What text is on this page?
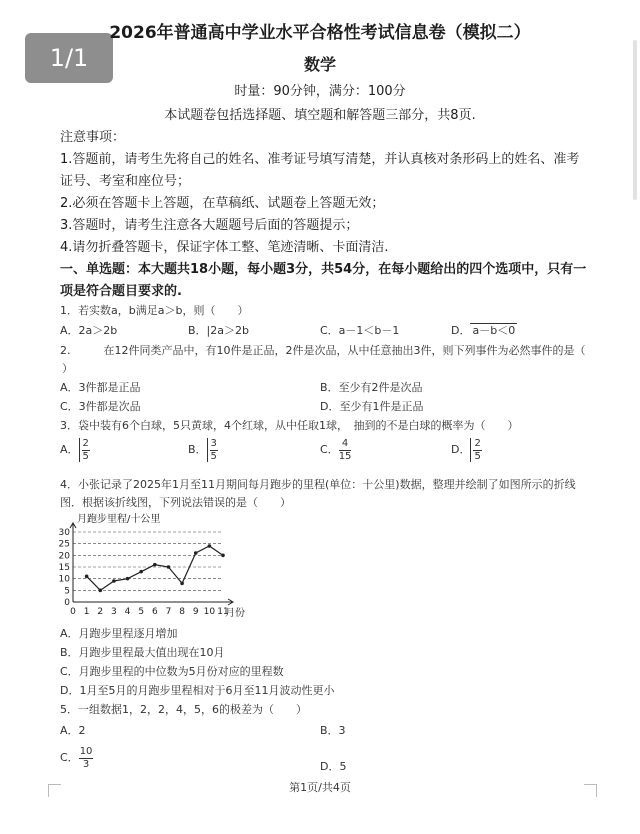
1/1
2026年普通高中学业水平合格性考试信息卷（模拟二）
数学
时量：90分钟，满分：100分
本试题卷包括选择题、填空题和解答题三部分，共8页.
注意事项：
1.答题前，请考生先将自己的姓名、准考证号填写清楚，并认真核对条形码上的姓名、准考
证号、考室和座位号；
2.必须在答题卡上答题，在草稿纸、试题卷上答题无效；
3.答题时，请考生注意各大题题号后面的答题提示；
4.请勿折叠答题卡，保证字体工整、笔迹清晰、卡面清洁.
一、单选题：本大题共18小题，每小题3分，共54分，在每小题给出的四个选项中，只有一
项是符合题目要求的.
1．若实数a，b满足a＞b，则（　　）
A．2a＞2b	B．|2a＞2b	C．a－1＜b－1	D． a－b＜0
2.　　　在12件同类产品中，有10件是正品，2件是次品，从中任意抽出3件，则下列事件为必然事件的是（
）
A．3件都是正品	B．至少有2件是次品
C．3件都是次品	D．至少有1件是正品
3．袋中装有6个白球，5只黄球，4个红球，从中任取1球，　抽到的不是白球的概率为（　　）
A． $\frac{2}{5}$	B． $\frac{3}{5}$	C． $\frac{4}{15}$	D． $\frac{2}{5}$
4．小张记录了2025年1月至11月期间每月跑步的里程(单位：十公里)数据，整理并绘制了如图所示的折线
图．根据该折线图，下列说法错误的是（　　）
月跑步里程/十公里
0
5
10
15
20
25
30
0 1 2 3 4 5 6 7 8 9 10 11
月份
A．月跑步里程逐月增加
B．月跑步里程最大值出现在10月
C．月跑步里程的中位数为5月份对应的里程数
D．1月至5月的月跑步里程相对于6月至11月波动性更小
5．一组数据1，2，2，4，5，6的极差为（　　）
A．2	B．3
C． $\frac{10}{3}$	D．5
第1页/共4页
